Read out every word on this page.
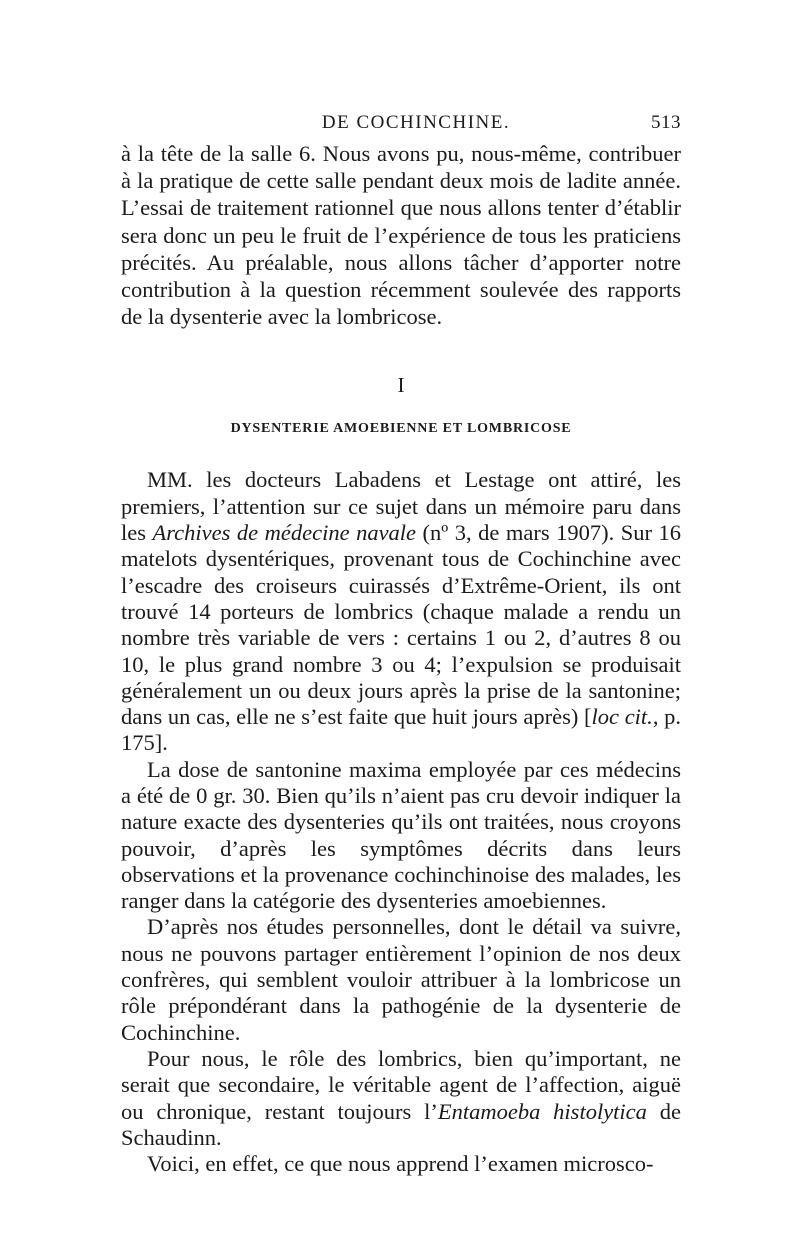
DE COCHINCHINE.	513

à la tête de la salle 6. Nous avons pu, nous-même, contribuer à la pratique de cette salle pendant deux mois de ladite année. L’essai de traitement rationnel que nous allons tenter d’établir sera donc un peu le fruit de l’expérience de tous les praticiens précités. Au préalable, nous allons tâcher d’apporter notre contribution à la question récemment soulevée des rapports de la dysenterie avec la lombricose.

I
DYSENTERIE AMOEBIENNE ET LOMBRICOSE

MM. les docteurs Labadens et Lestage ont attiré, les premiers, l’attention sur ce sujet dans un mémoire paru dans les Archives de médecine navale (nº 3, de mars 1907). Sur 16 matelots dysentériques, provenant tous de Cochinchine avec l’escadre des croiseurs cuirassés d’Extrême-Orient, ils ont trouvé 14 porteurs de lombrics (chaque malade a rendu un nombre très variable de vers : certains 1 ou 2, d’autres 8 ou 10, le plus grand nombre 3 ou 4; l’expulsion se produisait généralement un ou deux jours après la prise de la santonine; dans un cas, elle ne s’est faite que huit jours après) [loc cit., p. 175].

La dose de santonine maxima employée par ces médecins a été de 0 gr. 30. Bien qu’ils n’aient pas cru devoir indiquer la nature exacte des dysenteries qu’ils ont traitées, nous croyons pouvoir, d’après les symptômes décrits dans leurs observations et la provenance cochinchinoise des malades, les ranger dans la catégorie des dysenteries amoebiennes.

D’après nos études personnelles, dont le détail va suivre, nous ne pouvons partager entièrement l’opinion de nos deux confrères, qui semblent vouloir attribuer à la lombricose un rôle prépondérant dans la pathogénie de la dysenterie de Cochinchine.

Pour nous, le rôle des lombrics, bien qu’important, ne serait que secondaire, le véritable agent de l’affection, aiguë ou chronique, restant toujours l’Entamoeba histolytica de Schaudinn.

Voici, en effet, ce que nous apprend l’examen microsco-
